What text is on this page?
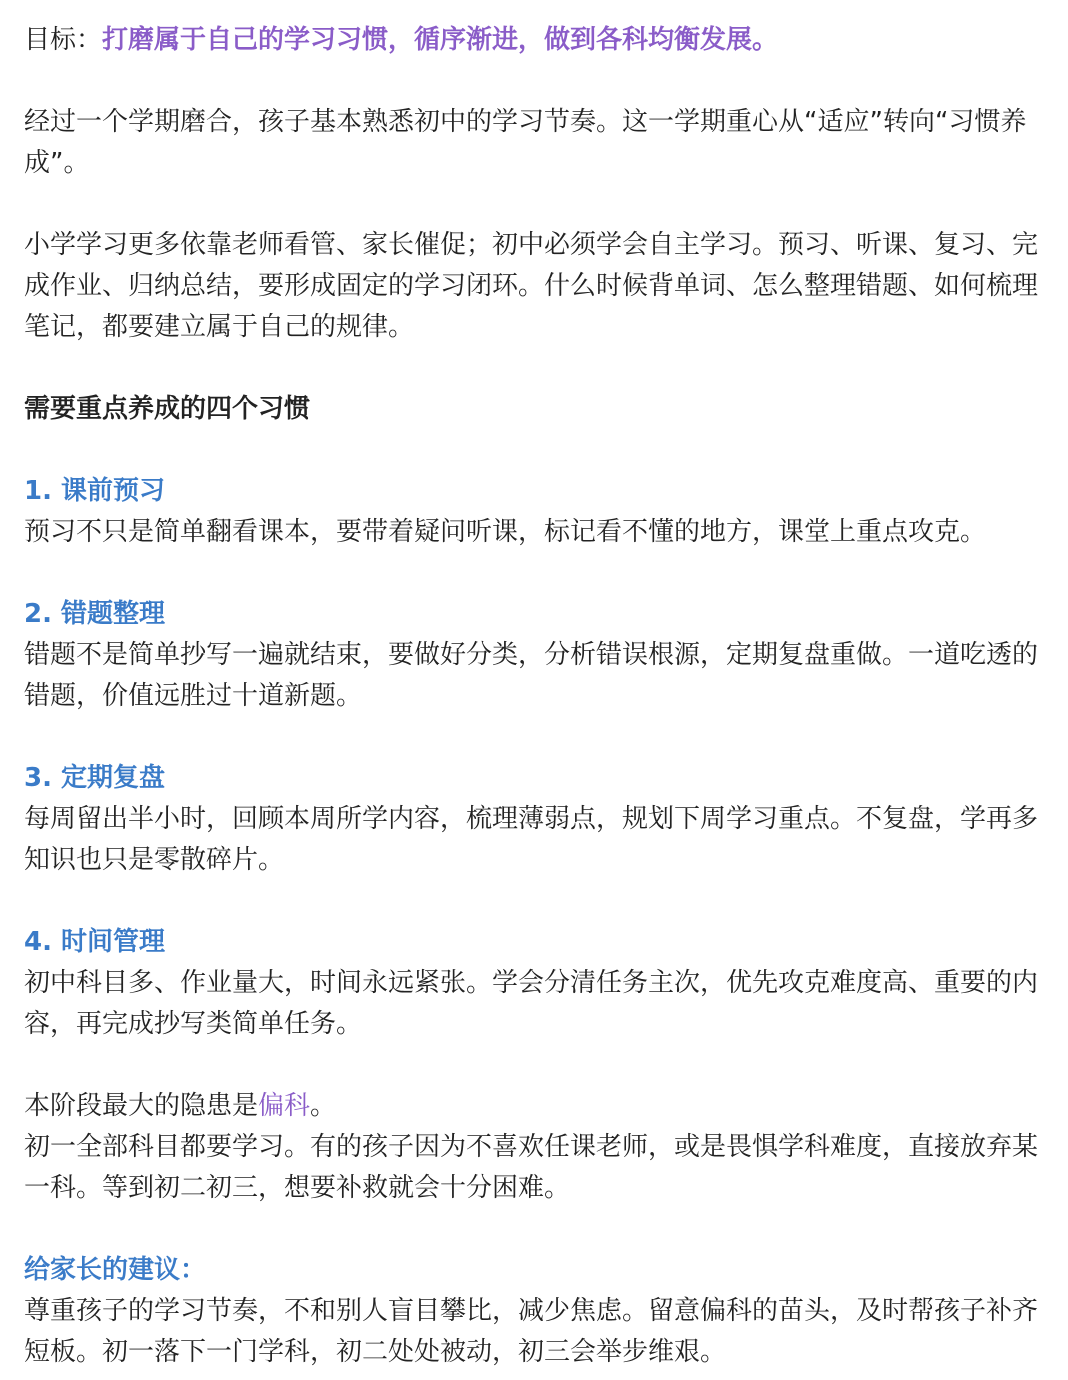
目标：打磨属于自己的学习习惯，循序渐进，做到各科均衡发展。

经过一个学期磨合，孩子基本熟悉初中的学习节奏。这一学期重心从“适应”转向“习惯养成”。

小学学习更多依靠老师看管、家长催促；初中必须学会自主学习。预习、听课、复习、完成作业、归纳总结，要形成固定的学习闭环。什么时候背单词、怎么整理错题、如何梳理笔记，都要建立属于自己的规律。

需要重点养成的四个习惯

1. 课前预习

预习不只是简单翻看课本，要带着疑问听课，标记看不懂的地方，课堂上重点攻克。

2. 错题整理

错题不是简单抄写一遍就结束，要做好分类，分析错误根源，定期复盘重做。一道吃透的错题，价值远胜过十道新题。

3. 定期复盘

每周留出半小时，回顾本周所学内容，梳理薄弱点，规划下周学习重点。不复盘，学再多知识也只是零散碎片。

4. 时间管理

初中科目多、作业量大，时间永远紧张。学会分清任务主次，优先攻克难度高、重要的内容，再完成抄写类简单任务。

本阶段最大的隐患是偏科。

初一全部科目都要学习。有的孩子因为不喜欢任课老师，或是畏惧学科难度，直接放弃某一科。等到初二初三，想要补救就会十分困难。

给家长的建议：

尊重孩子的学习节奏，不和别人盲目攀比，减少焦虑。留意偏科的苗头，及时帮孩子补齐短板。初一落下一门学科，初二处处被动，初三会举步维艰。
